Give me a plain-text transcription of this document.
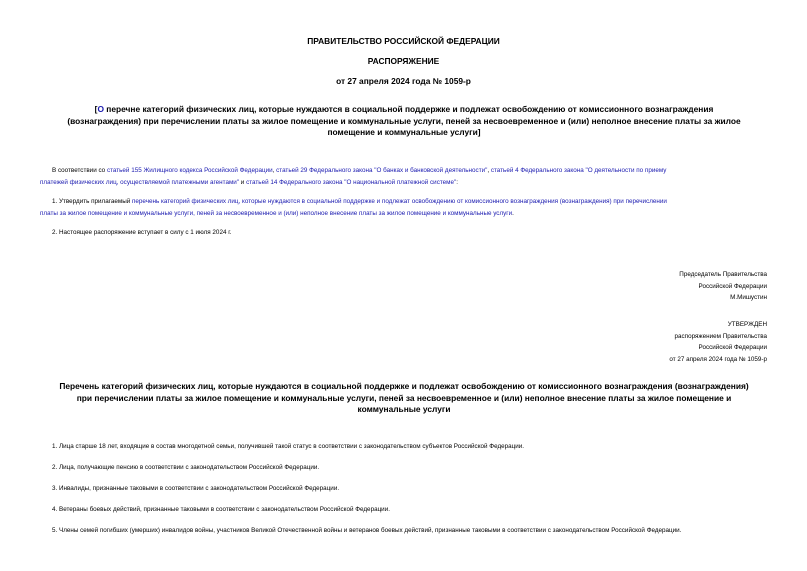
ПРАВИТЕЛЬСТВО РОССИЙСКОЙ ФЕДЕРАЦИИ
РАСПОРЯЖЕНИЕ
от 27 апреля 2024 года № 1059-р
[О перечне категорий физических лиц, которые нуждаются в социальной поддержке и подлежат освобождению от комиссионного вознаграждения
(вознаграждения) при перечислении платы за жилое помещение и коммунальные услуги, пеней за несвоевременное и (или) неполное внесение платы за жилое
помещение и коммунальные услуги]
В соответствии со статьей 155 Жилищного кодекса Российской Федерации, статьей 29 Федерального закона "О банках и банковской деятельности", статьей 4 Федерального закона "О деятельности по приему
платежей физических лиц, осуществляемой платежными агентами" и статьей 14 Федерального закона "О национальной платежной системе":
1. Утвердить прилагаемый перечень категорий физических лиц, которые нуждаются в социальной поддержке и подлежат освобождению от комиссионного вознаграждения (вознаграждения) при перечислении
платы за жилое помещение и коммунальные услуги, пеней за несвоевременное и (или) неполное внесение платы за жилое помещение и коммунальные услуги.
2. Настоящее распоряжение вступает в силу с 1 июля 2024 г.
Председатель Правительства
Российской Федерации
М.Мишустин
УТВЕРЖДЕН
распоряжением Правительства
Российской Федерации
от 27 апреля 2024 года № 1059-р
Перечень категорий физических лиц, которые нуждаются в социальной поддержке и подлежат освобождению от комиссионного вознаграждения (вознаграждения)
при перечислении платы за жилое помещение и коммунальные услуги, пеней за несвоевременное и (или) неполное внесение платы за жилое помещение и
коммунальные услуги
1. Лица старше 18 лет, входящие в состав многодетной семьи, получившей такой статус в соответствии с законодательством субъектов Российской Федерации.
2. Лица, получающие пенсию в соответствии с законодательством Российской Федерации.
3. Инвалиды, признанные таковыми в соответствии с законодательством Российской Федерации.
4. Ветераны боевых действий, признанные таковыми в соответствии с законодательством Российской Федерации.
5. Члены семей погибших (умерших) инвалидов войны, участников Великой Отечественной войны и ветеранов боевых действий, признанные таковыми в соответствии с законодательством Российской Федерации.
